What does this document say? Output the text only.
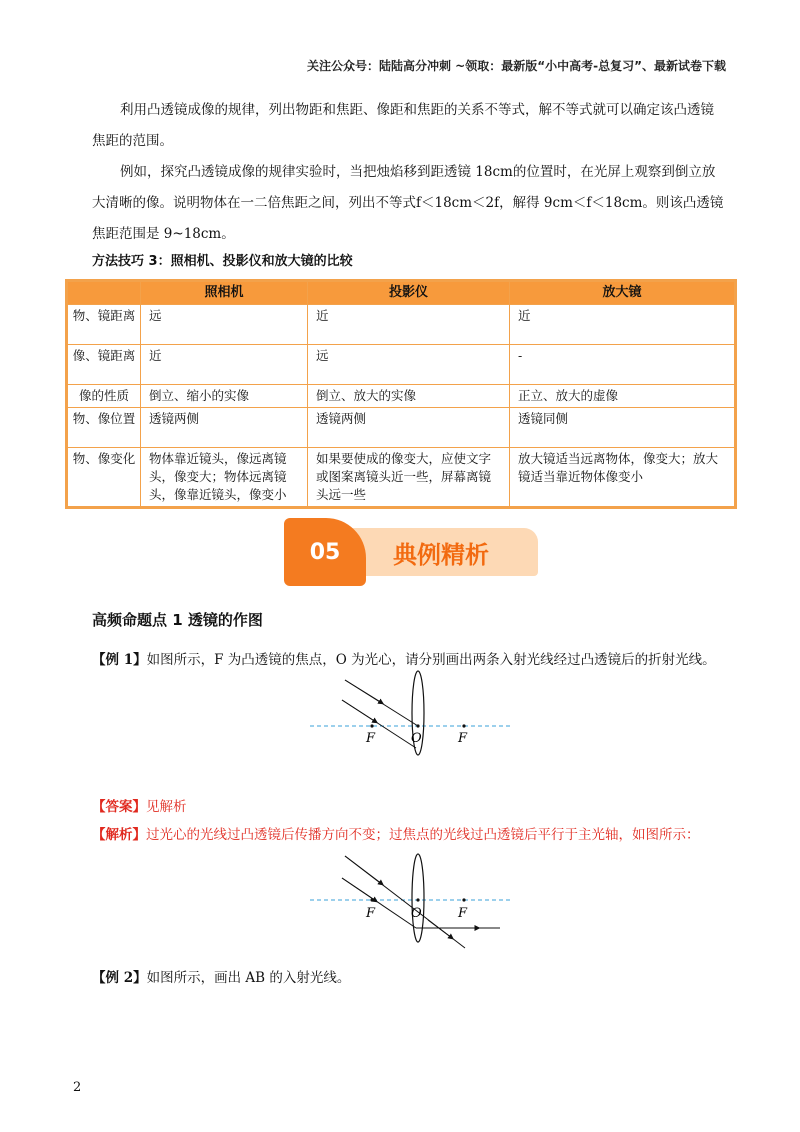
关注公众号：陆陆高分冲刺 ~领取：最新版“小中高考-总复习”、最新试卷下载

利用凸透镜成像的规律，列出物距和焦距、像距和焦距的关系不等式，解不等式就可以确定该凸透镜焦距的范围。

例如，探究凸透镜成像的规律实验时，当把烛焰移到距透镜 18cm的位置时，在光屏上观察到倒立放大清晰的像。说明物体在一二倍焦距之间，列出不等式f＜18cm＜2f，解得 9cm＜f＜18cm。则该凸透镜焦距范围是 9~18cm。

方法技巧 3：照相机、投影仪和放大镜的比较
	照相机	投影仪	放大镜
物、镜距离	远	近	近
像、镜距离	近	远	-
像的性质	倒立、缩小的实像	倒立、放大的实像	正立、放大的虚像
物、像位置	透镜两侧	透镜两侧	透镜同侧
物、像变化	物体靠近镜头，像远离镜头，像变大；物体远离镜头，像靠近镜头，像变小	如果要使成的像变大，应使文字或图案离镜头近一些，屏幕离镜头远一些	放大镜适当远离物体，像变大；放大镜适当靠近物体像变小
典例精析
05
高频命题点 1 透镜的作图
【例 1】如图所示，F 为凸透镜的焦点，O 为光心，请分别画出两条入射光线经过凸透镜后的折射光线。
F	O	F
【答案】见解析
【解析】过光心的光线过凸透镜后传播方向不变；过焦点的光线过凸透镜后平行于主光轴，如图所示：
F	O	F
【例 2】如图所示，画出 AB 的入射光线。
2
